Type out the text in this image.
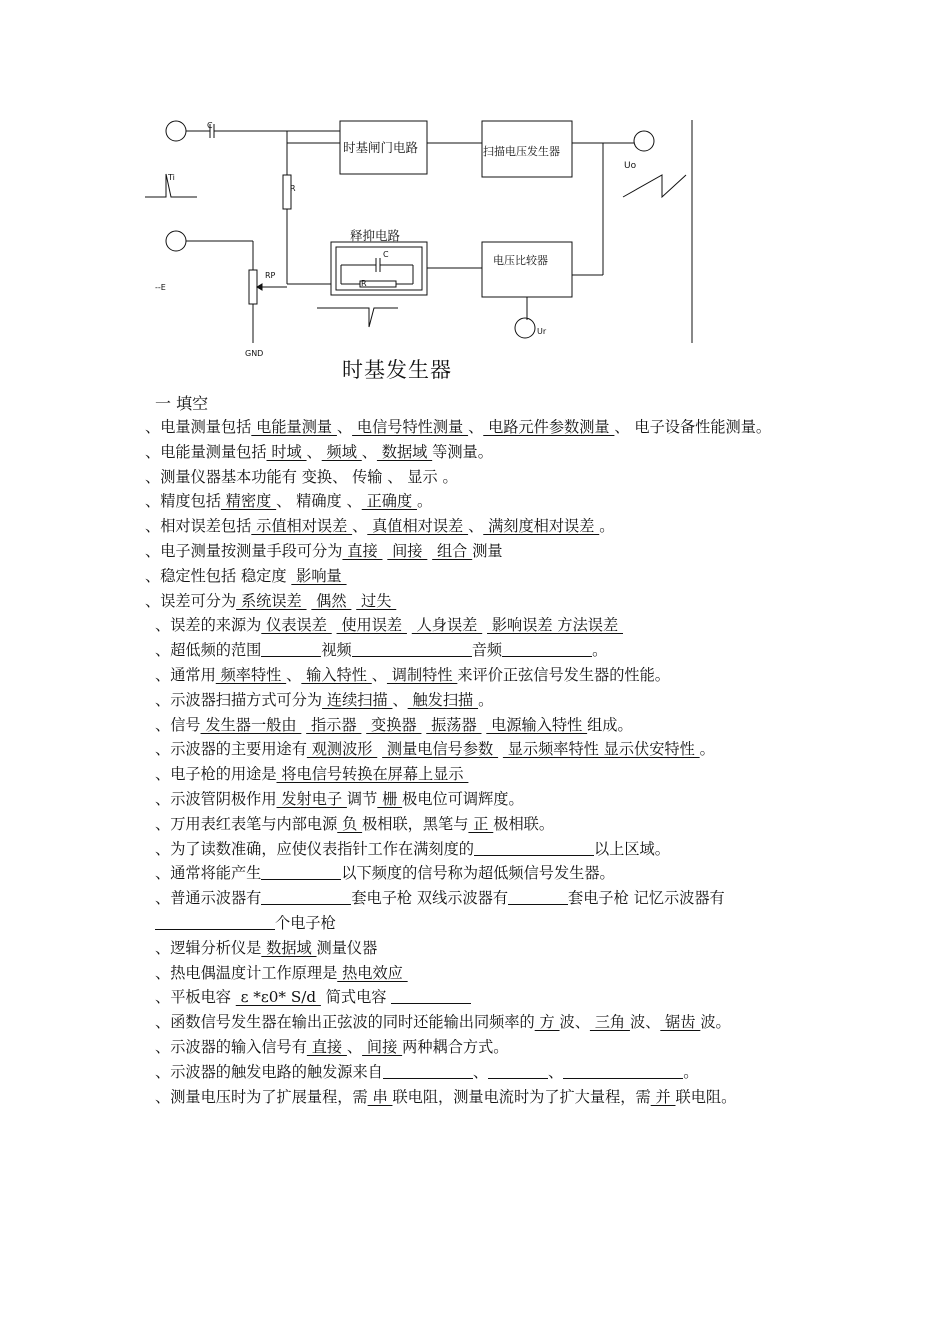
C
R
Ti
--E
RP
GND
Uo
Ur
C
R
时基闸门电路	扫描电压发生器
释抑电路
电压比较器
时基发生器
一 填空
、电量测量包括 电能量测量 、 电信号特性测量 、 电路元件参数测量 、 电子设备性能测量。
、电能量测量包括 时域 、 频域 、 数据域 等测量。
、测量仪器基本功能有 变换、 传输 、 显示 。
、精度包括 精密度 、 精确度 、 正确度 。
、相对误差包括 示值相对误差 、 真值相对误差 、 满刻度相对误差 。
、电子测量按测量手段可分为 直接   间接   组合 测量
、稳定性包括 稳定度  影响量
、误差可分为 系统误差   偶然   过失
、误差的来源为 仪表误差   使用误差   人身误差   影响误差 方法误差
、超低频的范围	视频	音频	。
、通常用 频率特性 、 输入特性 、 调制特性 来评价正弦信号发生器的性能。
、示波器扫描方式可分为 连续扫描 、 触发扫描 。
、信号 发生器一般由   指示器   变换器   振荡器   电源输入特性 组成。
、示波器的主要用途有 观测波形   测量电信号参数   显示频率特性 显示伏安特性 。
、电子枪的用途是 将电信号转换在屏幕上显示
、示波管阴极作用 发射电子 调节 栅 极电位可调辉度。
、万用表红表笔与内部电源 负 极相联，黑笔与 正 极相联。
、为了读数准确，应使仪表指针工作在满刻度的	以上区域。
、通常将能产生	以下频度的信号称为超低频信号发生器。
、普通示波器有	套电子枪 双线示波器有	套电子枪 记忆示波器有个电子枪
、逻辑分析仪是 数据域 测量仪器
、热电偶温度计工作原理是 热电效应
、平板电容  ε *ε0* S/d  简式电容
、函数信号发生器在输出正弦波的同时还能输出同频率的 方 波、 三角 波、 锯齿 波。
、示波器的输入信号有 直接 、 间接 两种耦合方式。
、示波器的触发电路的触发源来自	、	、	。
、测量电压时为了扩展量程，需 串 联电阻，测量电流时为了扩大量程，需 并 联电阻。
